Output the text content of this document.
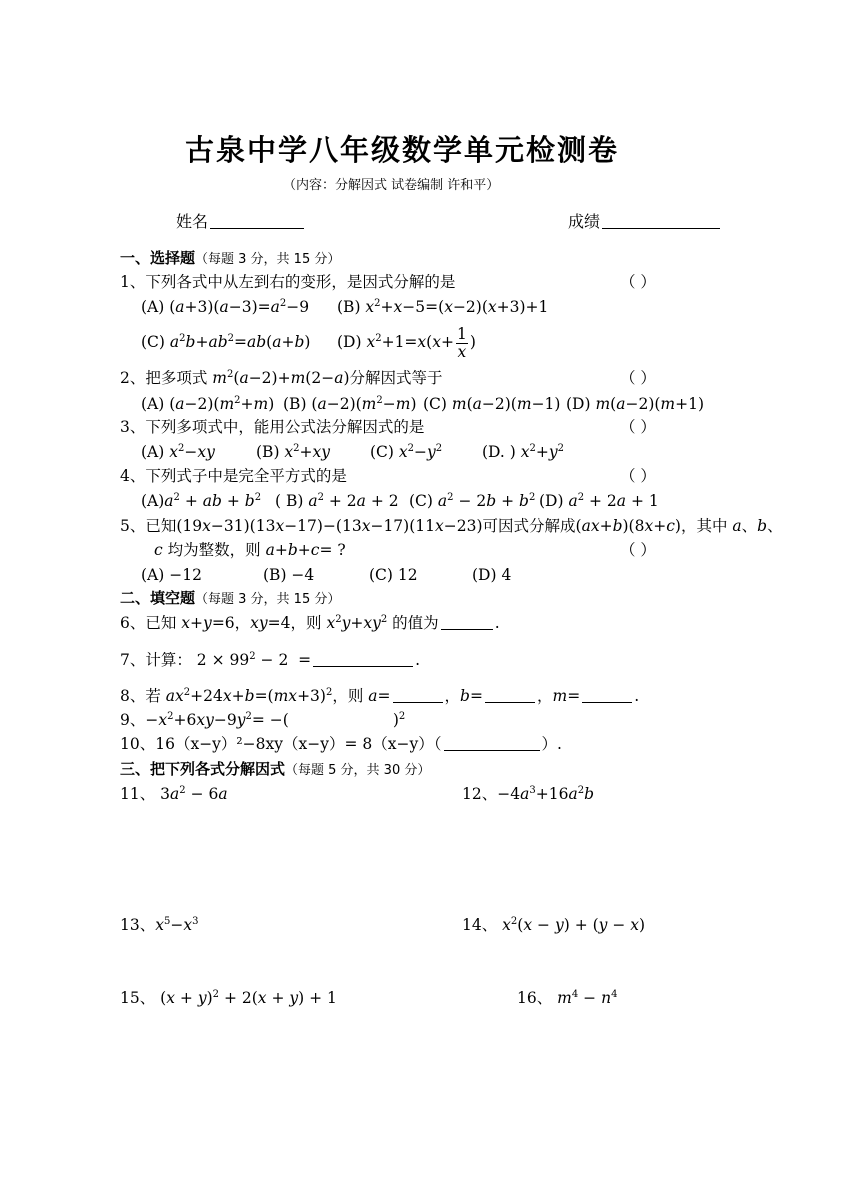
古泉中学八年级数学单元检测卷
（内容：分解因式 试卷编制 许和平）
姓名	成绩
一、选择题（每题 3 分，共 15 分）
1、下列各式中从左到右的变形，是因式分解的是	（ ）
(A) $(a+3)(a-3)=a^2-9$ (B) $x^2+x-5=(x-2)(x+3)+1$
(C) $a^2b+ab^2=ab(a+b)$ (D) $x^2+1=x(x+ \frac{1}{x}$ )
2、把多项式 $m^2(a-2)+m(2-a)$分解因式等于	（ ）
(A) $(a-2)(m^2+m)$ (B) $(a-2)(m^2-m)$ (C) m(a−2)(m−1) (D) m(a−2)(m+1)
3、下列多项式中，能用公式法分解因式的是	（ ）
(A) $x^2-xy$	(B) $x^2+xy$	(C) $x^2-y^2$	(D. ) $x^2+y^2$
4、下列式子中是完全平方式的是	（ ）
$(A)a^2$ + ab + $b^2$ ( B) $a^2 + 2a + 2$ (C) $a^2 - 2b + b^2$ (D) $a^2 + 2a + 1$
5、已知(19x−31)(13x−17)−(13x−17)(11x−23)可因式分解成(ax+b)(8x+c)，其中 a、b、
c 均为整数，则 a+b+c= ?	（ ）
(A) −12	(B) −4	(C) 12	(D) 4
二、填空题（每题 3 分，共 15 分）
6、已知 x+y=6，xy=4，则 $x^2y+xy^2$ 的值为	.
7、计算： $2 \times 99^2 - 2$  =	.
8、若 $ax^2+24x+b=(mx+3)^2$，则 a=	，b=	，m=	.
9、$-x^2+6xy-9y^2=$ −(	)$^2$
10、16（x−y）²−8xy（x−y）= 8（x−y）（	）.
三、把下列各式分解因式（每题 5 分，共 30 分）
11、 $3a^2 - 6a$	12、$-4a^3+16a^2b$
13、$x^5-x^3$	14、 $x^2(x - y) + (y - x)$
15、 $(x + y)^2 + 2(x + y) + 1$	16、 $m^4 - n^4$
